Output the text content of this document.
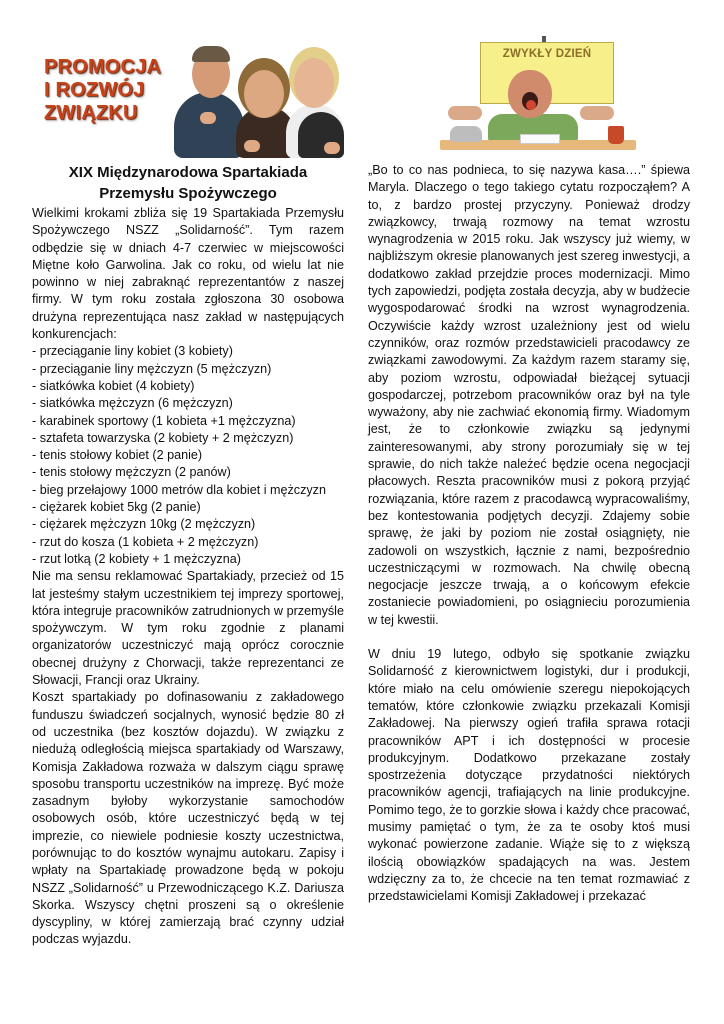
PROMOCJA
I ROZWÓJ
ZWIĄZKU
ZWYKŁY DZIEŃ
XIX Międzynarodowa Spartakiada
Przemysłu Spożywczego

Wielkimi krokami zbliża się 19 Spartakiada Przemysłu Spożywczego NSZZ „Solidarność”. Tym razem odbędzie się w dniach 4-7 czerwiec w miejscowości Miętne koło Garwolina. Jak co roku, od wielu lat nie powinno w niej zabraknąć reprezentantów z naszej firmy. W tym roku została zgłoszona 30 osobowa drużyna reprezentująca nasz zakład w następujących konkurencjach:

- przeciąganie liny kobiet (3 kobiety)
- przeciąganie liny mężczyzn (5 mężczyzn)
- siatkówka kobiet (4 kobiety)
- siatkówka mężczyzn (6 mężczyzn)
- karabinek sportowy (1 kobieta +1 mężczyzna)
- sztafeta towarzyska (2 kobiety + 2 mężczyzn)
- tenis stołowy kobiet (2 panie)
- tenis stołowy mężczyzn (2 panów)
- bieg przełajowy 1000 metrów dla kobiet i mężczyzn
- ciężarek kobiet 5kg (2 panie)
- ciężarek mężczyzn 10kg (2 mężczyzn)
- rzut do kosza (1 kobieta + 2 mężczyzn)
- rzut lotką (2 kobiety + 1 mężczyzna)

Nie ma sensu reklamować Spartakiady, przecież od 15 lat jesteśmy stałym uczestnikiem tej imprezy sportowej, która integruje pracowników zatrudnionych w przemyśle spożywczym. W tym roku zgodnie z planami organizatorów uczestniczyć mają oprócz corocznie obecnej drużyny z Chorwacji, także reprezentanci ze Słowacji, Francji oraz Ukrainy.

Koszt spartakiady po dofinasowaniu z zakładowego funduszu świadczeń socjalnych, wynosić będzie 80 zł od uczestnika (bez kosztów dojazdu). W związku z niedużą odległością miejsca spartakiady od Warszawy, Komisja Zakładowa rozważa w dalszym ciągu sprawę sposobu transportu uczestników na imprezę. Być może zasadnym byłoby wykorzystanie samochodów osobowych osób, które uczestniczyć będą w tej imprezie, co niewiele podniesie koszty uczestnictwa, porównując to do kosztów wynajmu autokaru. Zapisy i wpłaty na Spartakiadę prowadzone będą w pokoju NSZZ „Solidarność” u Przewodniczącego K.Z. Dariusza Skorka. Wszyscy chętni proszeni są o określenie dyscypliny, w której zamierzają brać czynny udział podczas wyjazdu.

„Bo to co nas podnieca, to się nazywa kasa….” śpiewa Maryla. Dlaczego o tego takiego cytatu rozpocząłem? A to, z bardzo prostej przyczyny. Ponieważ drodzy związkowcy, trwają rozmowy na temat wzrostu wynagrodzenia w 2015 roku. Jak wszyscy już wiemy, w najbliższym okresie planowanych jest szereg inwestycji, a dodatkowo zakład przejdzie proces modernizacji. Mimo tych zapowiedzi, podjęta została decyzja, aby w budżecie wygospodarować środki na wzrost wynagrodzenia. Oczywiście każdy wzrost uzależniony jest od wielu czynników, oraz rozmów przedstawicieli pracodawcy ze związkami zawodowymi. Za każdym razem staramy się, aby poziom wzrostu, odpowiadał bieżącej sytuacji gospodarczej, potrzebom pracowników oraz był na tyle wyważony, aby nie zachwiać ekonomią firmy. Wiadomym jest, że to członkowie związku są jedynymi zainteresowanymi, aby strony porozumiały się w tej sprawie, do nich także należeć będzie ocena negocjacji płacowych. Reszta pracowników musi z pokorą przyjąć rozwiązania, które razem z pracodawcą wypracowaliśmy, bez kontestowania podjętych decyzji. Zdajemy sobie sprawę, że jaki by poziom nie został osiągnięty, nie zadowoli on wszystkich, łącznie z nami, bezpośrednio uczestniczącymi w rozmowach. Na chwilę obecną negocjacje jeszcze trwają, a o końcowym efekcie zostaniecie powiadomieni, po osiągnieciu porozumienia w tej kwestii.

W dniu 19 lutego, odbyło się spotkanie związku Solidarność z kierownictwem logistyki, dur i produkcji, które miało na celu omówienie szeregu niepokojących tematów, które członkowie związku przekazali Komisji Zakładowej. Na pierwszy ogień trafiła sprawa rotacji pracowników APT i ich dostępności w procesie produkcyjnym. Dodatkowo przekazane zostały spostrzeżenia dotyczące przydatności niektórych pracowników agencji, trafiających na linie produkcyjne. Pomimo tego, że to gorzkie słowa i każdy chce pracować, musimy pamiętać o tym, że za te osoby ktoś musi wykonać powierzone zadanie. Wiąże się to z większą ilością obowiązków spadających na was. Jestem wdzięczny za to, że chcecie na ten temat rozmawiać z przedstawicielami Komisji Zakładowej i przekazać
